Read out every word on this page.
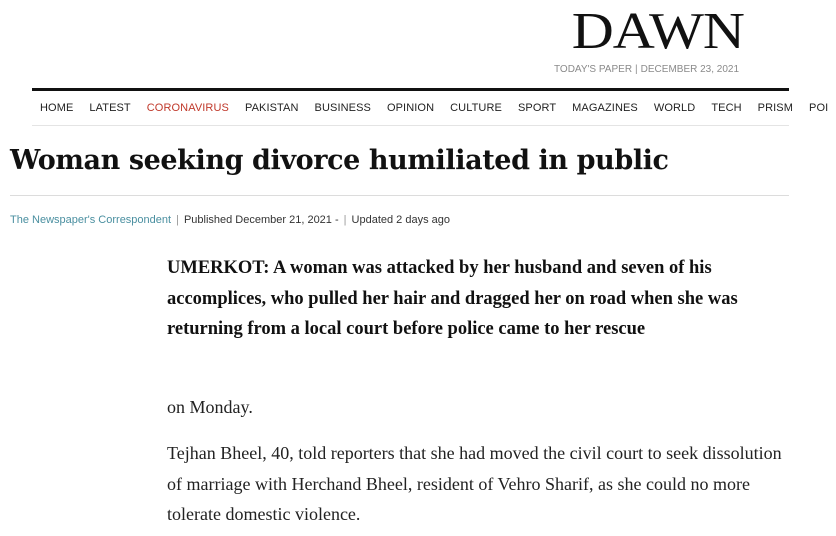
DAWN
TODAY'S PAPER | DECEMBER 23, 2021
HOME	LATEST	CORONAVIRUS	PAKISTAN	BUSINESS	OPINION	CULTURE	SPORT	MAGAZINES	WORLD	TECH	PRISM	POI
Woman seeking divorce humiliated in public
The Newspaper's Correspondent | Published December 21, 2021 - | Updated 2 days ago

UMERKOT: A woman was attacked by her husband and seven of his accomplices, who pulled her hair and dragged her on road when she was returning from a local court before police came to her rescue

on Monday.

Tejhan Bheel, 40, told reporters that she had moved the civil court to seek dissolution of marriage with Herchand Bheel, resident of Vehro Sharif, as she could no more tolerate domestic violence.
